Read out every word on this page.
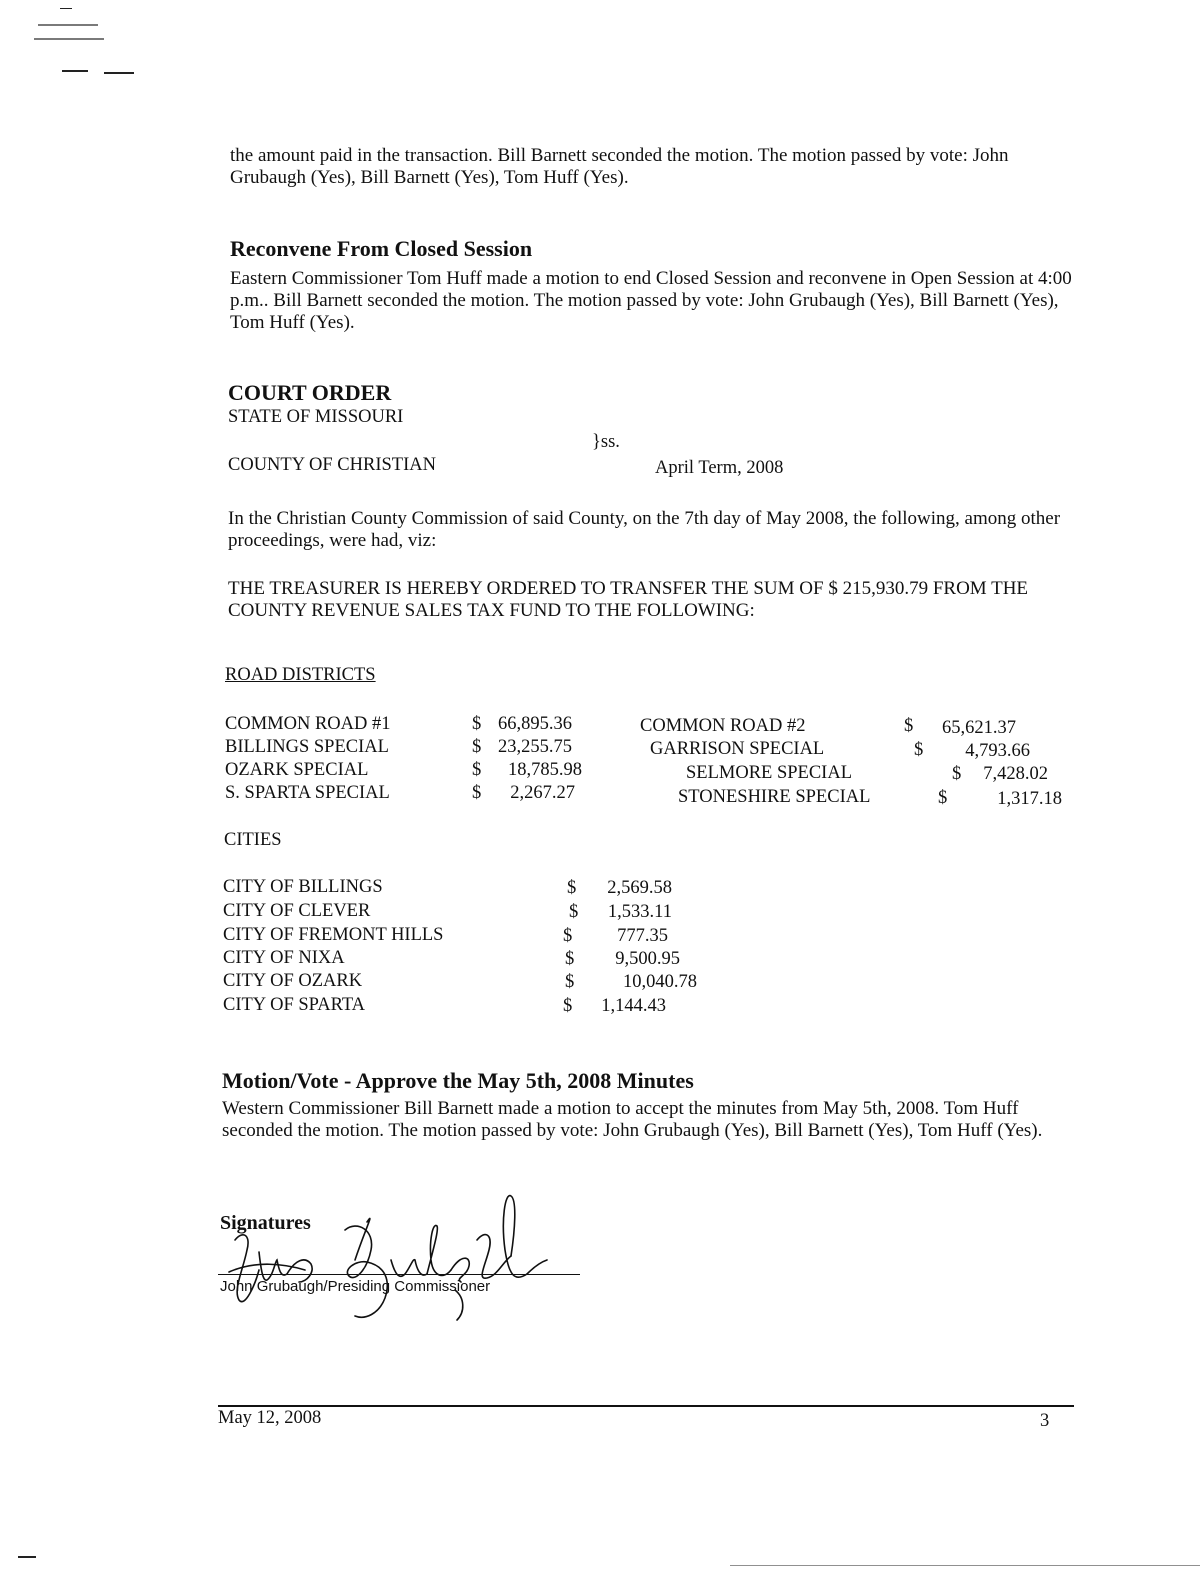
the amount paid in the transaction. Bill Barnett seconded the motion. The motion passed by vote: John Grubaugh (Yes), Bill Barnett (Yes), Tom Huff (Yes).
Reconvene From Closed Session
Eastern Commissioner Tom Huff made a motion to end Closed Session and reconvene in Open Session at 4:00 p.m.. Bill Barnett seconded the motion. The motion passed by vote: John Grubaugh (Yes), Bill Barnett (Yes), Tom Huff (Yes).
COURT ORDER
STATE OF MISSOURI
}ss.
COUNTY OF CHRISTIAN	April Term, 2008
In the Christian County Commission of said County, on the 7th day of May 2008, the following, among other proceedings, were had, viz:
THE TREASURER IS HEREBY ORDERED TO TRANSFER THE SUM OF $ 215,930.79 FROM THE COUNTY REVENUE SALES TAX FUND TO THE FOLLOWING:
ROAD DISTRICTS
COMMON ROAD #1	$ 66,895.36
BILLINGS SPECIAL	$ 23,255.75
OZARK SPECIAL	$	18,785.98
S. SPARTA SPECIAL	$	2,267.27
COMMON ROAD #2	$	65,621.37
GARRISON SPECIAL	$	4,793.66
SELMORE SPECIAL	$	7,428.02
STONESHIRE SPECIAL	$	1,317.18
CITIES
CITY OF BILLINGS	$	2,569.58
CITY OF CLEVER	$	1,533.11
CITY OF FREMONT HILLS	$	777.35
CITY OF NIXA	$	9,500.95
CITY OF OZARK	$	10,040.78
CITY OF SPARTA	$	1,144.43
Motion/Vote - Approve the May 5th, 2008 Minutes
Western Commissioner Bill Barnett made a motion to accept the minutes from May 5th, 2008. Tom Huff seconded the motion. The motion passed by vote: John Grubaugh (Yes), Bill Barnett (Yes), Tom Huff (Yes).
Signatures
John Grubaugh/Presiding Commissioner
May 12, 2008	3
